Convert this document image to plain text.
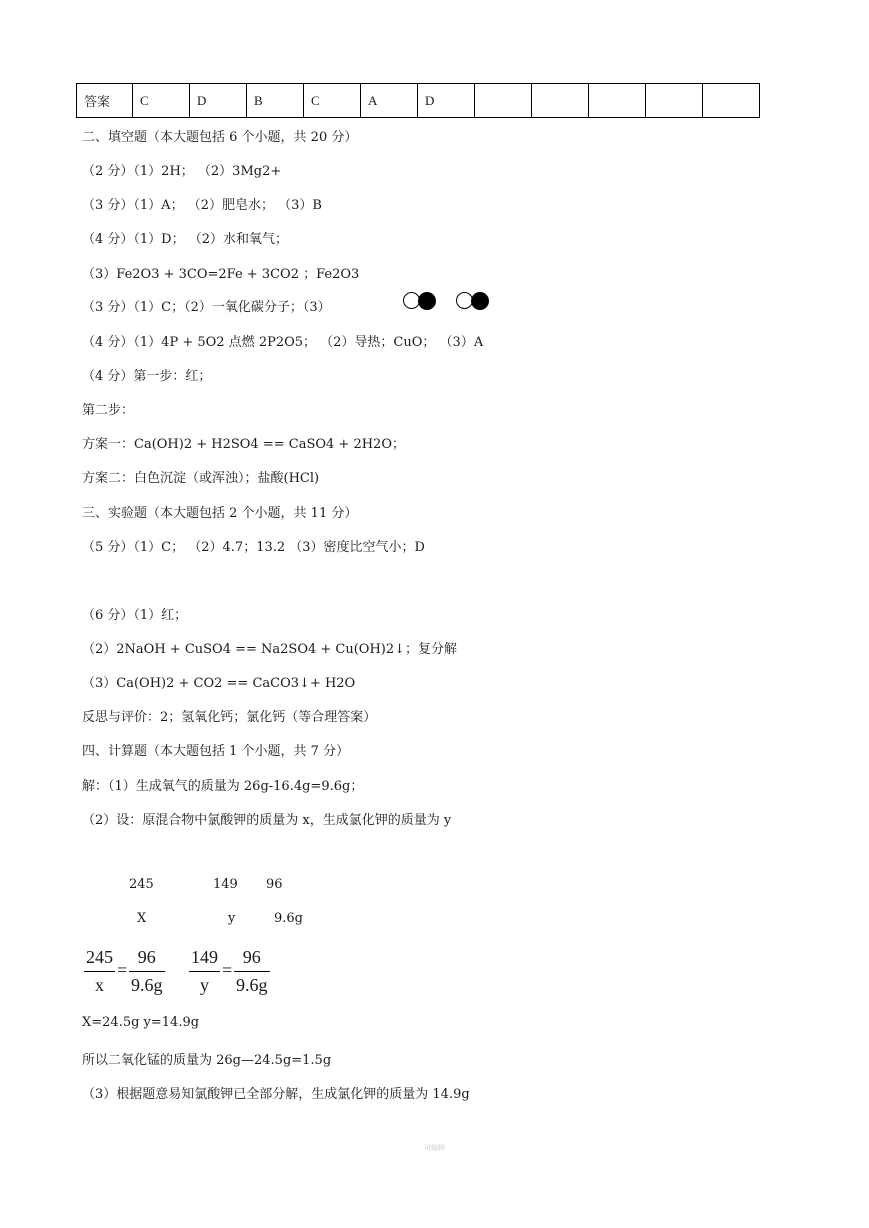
答案	C	D	B	C	A	D					
二、填空题（本大题包括 6 个小题，共 20 分）
（2 分）（1）2H； （2）3Mg2+
（3 分）（1）A； （2）肥皂水； （3）B
（4 分）（1）D； （2）水和氧气；
（3）Fe2O3 + 3CO=2Fe + 3CO2 ；Fe2O3
（3 分）（1）C；（2）一氧化碳分子；（3）
（4 分）（1）4P + 5O2 点燃 2P2O5； （2）导热；CuO； （3）A
（4 分）第一步：红；
第二步：
方案一：Ca(OH)2 + H2SO4 == CaSO4 + 2H2O；
方案二：白色沉淀（或浑浊）；盐酸(HCl)
三、实验题（本大题包括 2 个小题，共 11 分）
（5 分）（1）C； （2）4.7；13.2 （3）密度比空气小；D
（6 分）（1）红；
（2）2NaOH + CuSO4 == Na2SO4 + Cu(OH)2↓；复分解
（3）Ca(OH)2 + CO2 == CaCO3↓+ H2O
反思与评价：2；氢氧化钙；氯化钙（等合理答案）
四、计算题（本大题包括 1 个小题，共 7 分）
解：（1）生成氧气的质量为 26g-16.4g=9.6g；
（2）设：原混合物中氯酸钾的质量为 x，生成氯化钾的质量为 y
245	149 96
X	y	9.6g
$\frac{245}{x} = \frac{96}{9.6g} \frac{149}{y} = \frac{96}{9.6g}$
X=24.5g y=14.9g
所以二氧化锰的质量为 26g—24.5g=1.5g
（3）根据题意易知氯酸钾已全部分解，生成氯化钾的质量为 14.9g
可编辑
